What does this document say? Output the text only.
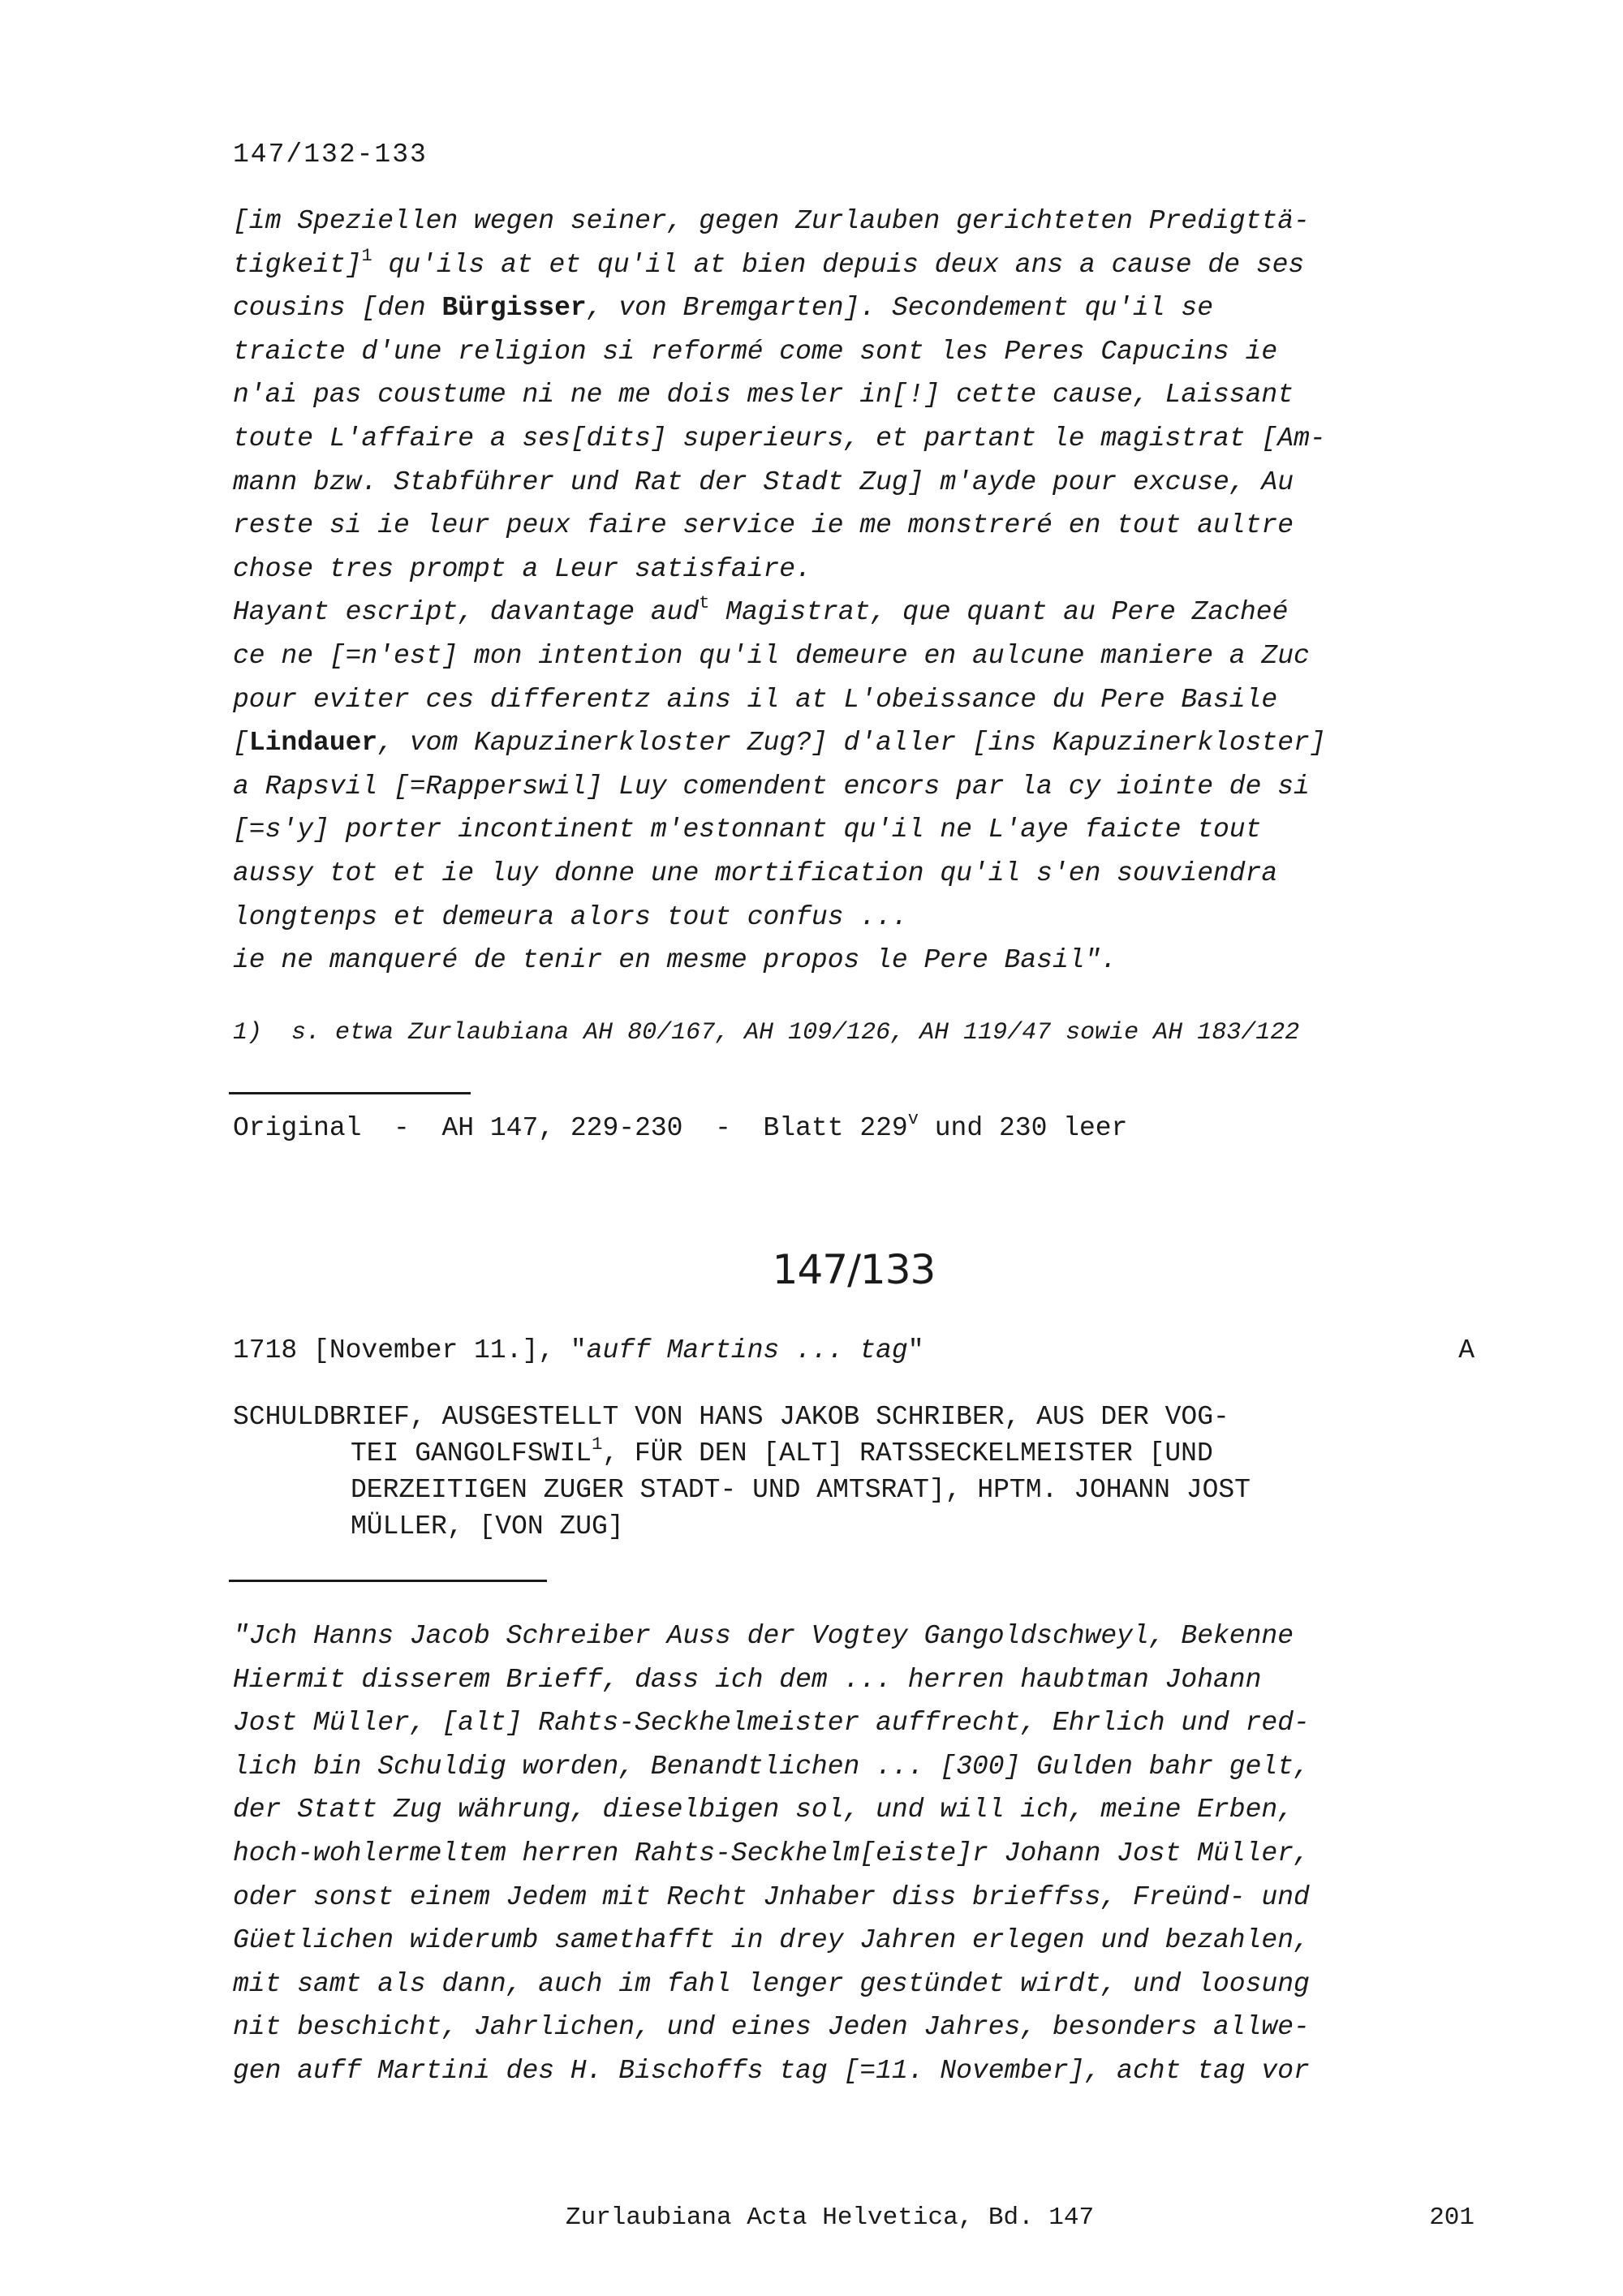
147/132-133
[im Speziellen wegen seiner, gegen Zurlauben gerichteten Predigttä-
tigkeit]$^1$ qu'ils at et qu'il at bien depuis deux ans a cause de ses
cousins [den Bürgisser, von Bremgarten]. Secondement qu'il se
traicte d'une religion si reformé come sont les Peres Capucins ie
n'ai pas coustume ni ne me dois mesler in[!] cette cause, Laissant
toute L'affaire a ses[dits] superieurs, et partant le magistrat [Am-
mann bzw. Stabführer und Rat der Stadt Zug] m'ayde pour excuse, Au
reste si ie leur peux faire service ie me monstreré en tout aultre
chose tres prompt a Leur satisfaire.
Hayant escript, davantage aud$^t$ Magistrat, que quant au Pere Zacheé
ce ne [=n'est] mon intention qu'il demeure en aulcune maniere a Zuc
pour eviter ces differentz ains il at L'obeissance du Pere Basile
[Lindauer, vom Kapuzinerkloster Zug?] d'aller [ins Kapuzinerkloster]
a Rapsvil [=Rapperswil] Luy comendent encors par la cy iointe de si
[=s'y] porter incontinent m'estonnant qu'il ne L'aye faicte tout
aussy tot et ie luy donne une mortification qu'il s'en souviendra
longtenps et demeura alors tout confus ...
ie ne manqueré de tenir en mesme propos le Pere Basil".
1)  s. etwa Zurlaubiana AH 80/167, AH 109/126, AH 119/47 sowie AH 183/122
Original  -  AH 147, 229-230  -  Blatt 229$^v$ und 230 leer
147/133
1718 [November 11.], "auff Martins ... tag"	A
SCHULDBRIEF, AUSGESTELLT VON HANS JAKOB SCHRIBER, AUS DER VOG-
TEI GANGOLFSWIL$^1$, FÜR DEN [ALT] RATSSECKELMEISTER [UND
DERZEITIGEN ZUGER STADT- UND AMTSRAT], HPTM. JOHANN JOST
MÜLLER, [VON ZUG]
"Jch Hanns Jacob Schreiber Auss der Vogtey Gangoldschweyl, Bekenne
Hiermit disserem Brieff, dass ich dem ... herren haubtman Johann
Jost Müller, [alt] Rahts-Seckhelmeister auffrecht, Ehrlich und red-
lich bin Schuldig worden, Benandtlichen ... [300] Gulden bahr gelt,
der Statt Zug währung, dieselbigen sol, und will ich, meine Erben,
hoch-wohlermeltem herren Rahts-Seckhelm[eiste]r Johann Jost Müller,
oder sonst einem Jedem mit Recht Jnhaber diss brieffss, Freünd- und
Güetlichen widerumb samethafft in drey Jahren erlegen und bezahlen,
mit samt als dann, auch im fahl lenger gestündet wirdt, und loosung
nit beschicht, Jahrlichen, und eines Jeden Jahres, besonders allwe-
gen auff Martini des H. Bischoffs tag [=11. November], acht tag vor
Zurlaubiana Acta Helvetica, Bd. 147	201
